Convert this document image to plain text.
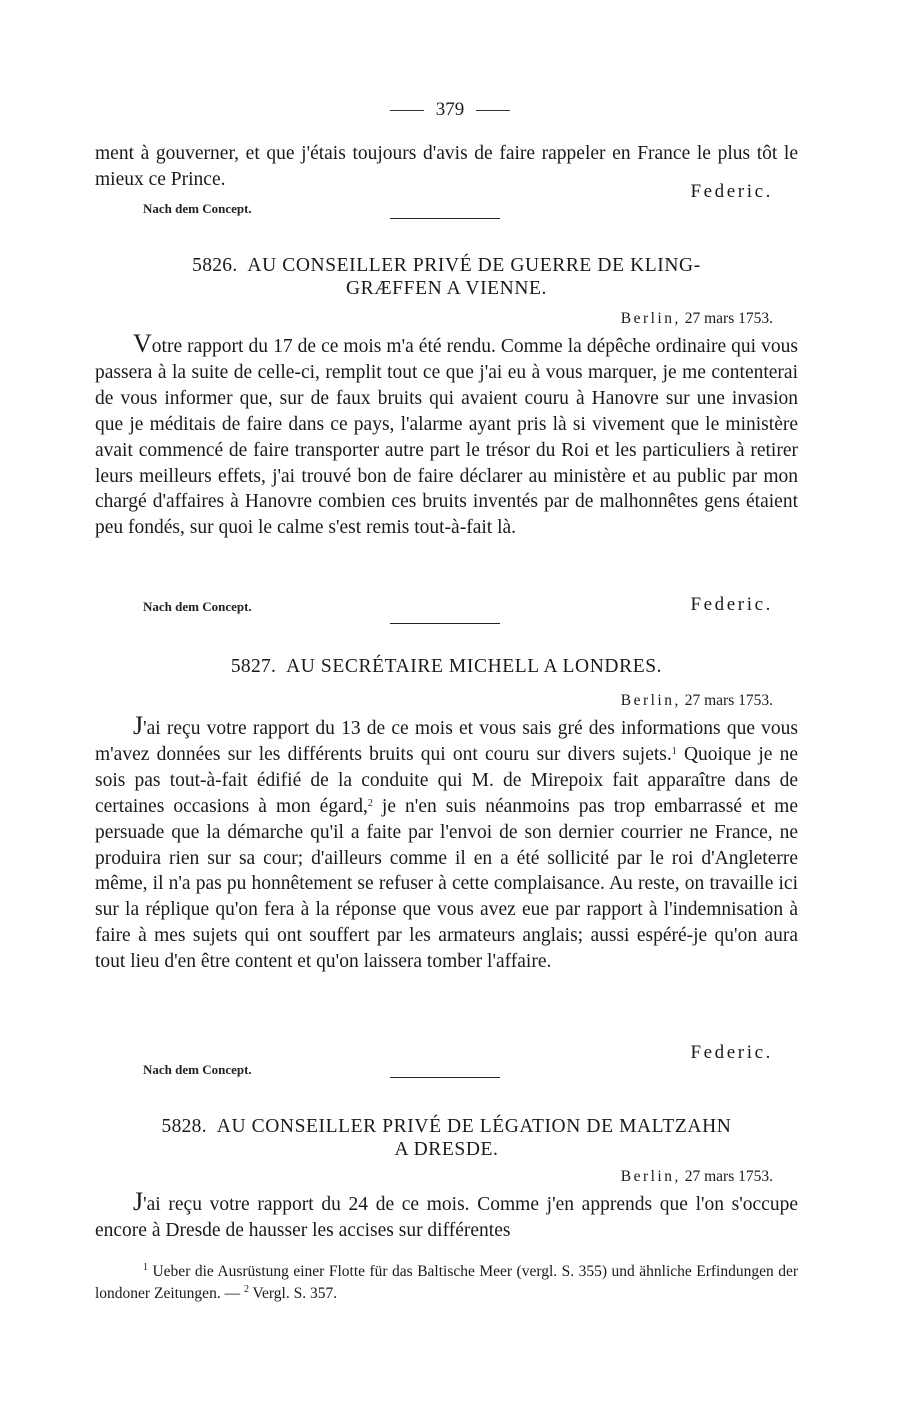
379

ment à gouverner, et que j'étais toujours d'avis de faire rappeler en France le plus tôt le mieux ce Prince.

Nach dem Concept.
Federic.
5826. AU CONSEILLER PRIVÉ DE GUERRE DE KLING-
GRÆFFEN A VIENNE.
Berlin, 27 mars 1753.

Votre rapport du 17 de ce mois m'a été rendu. Comme la dépêche ordinaire qui vous passera à la suite de celle-ci, remplit tout ce que j'ai eu à vous marquer, je me contenterai de vous informer que, sur de faux bruits qui avaient couru à Hanovre sur une invasion que je méditais de faire dans ce pays, l'alarme ayant pris là si vivement que le ministère avait commencé de faire transporter autre part le trésor du Roi et les particuliers à retirer leurs meilleurs effets, j'ai trouvé bon de faire déclarer au ministère et au public par mon chargé d'affaires à Hanovre combien ces bruits inventés par de malhonnêtes gens étaient peu fondés, sur quoi le calme s'est remis tout-à-fait là.

Nach dem Concept.	Federic.
5827. AU SECRÉTAIRE MICHELL A LONDRES.
Berlin, 27 mars 1753.

J'ai reçu votre rapport du 13 de ce mois et vous sais gré des informations que vous m'avez données sur les différents bruits qui ont couru sur divers sujets.$^1$ Quoique je ne sois pas tout-à-fait édifié de la conduite qui M. de Mirepoix fait apparaître dans de certaines occasions à mon égard,$^2$ je n'en suis néanmoins pas trop embarrassé et me persuade que la démarche qu'il a faite par l'envoi de son dernier courrier ne France, ne produira rien sur sa cour; d'ailleurs comme il en a été sollicité par le roi d'Angleterre même, il n'a pas pu honnêtement se refuser à cette complaisance. Au reste, on travaille ici sur la réplique qu'on fera à la réponse que vous avez eue par rapport à l'indemnisation à faire à mes sujets qui ont souffert par les armateurs anglais; aussi espéré-je qu'on aura tout lieu d'en être content et qu'on laissera tomber l'affaire.

Nach dem Concept.
Federic.
5828. AU CONSEILLER PRIVÉ DE LÉGATION DE MALTZAHN
A DRESDE.
Berlin, 27 mars 1753.

J'ai reçu votre rapport du 24 de ce mois. Comme j'en apprends que l'on s'occupe encore à Dresde de hausser les accises sur différentes

$^1$ Ueber die Ausrüstung einer Flotte für das Baltische Meer (vergl. S. 355) und ähnliche Erfindungen der londoner Zeitungen. — $^2$ Vergl. S. 357.
